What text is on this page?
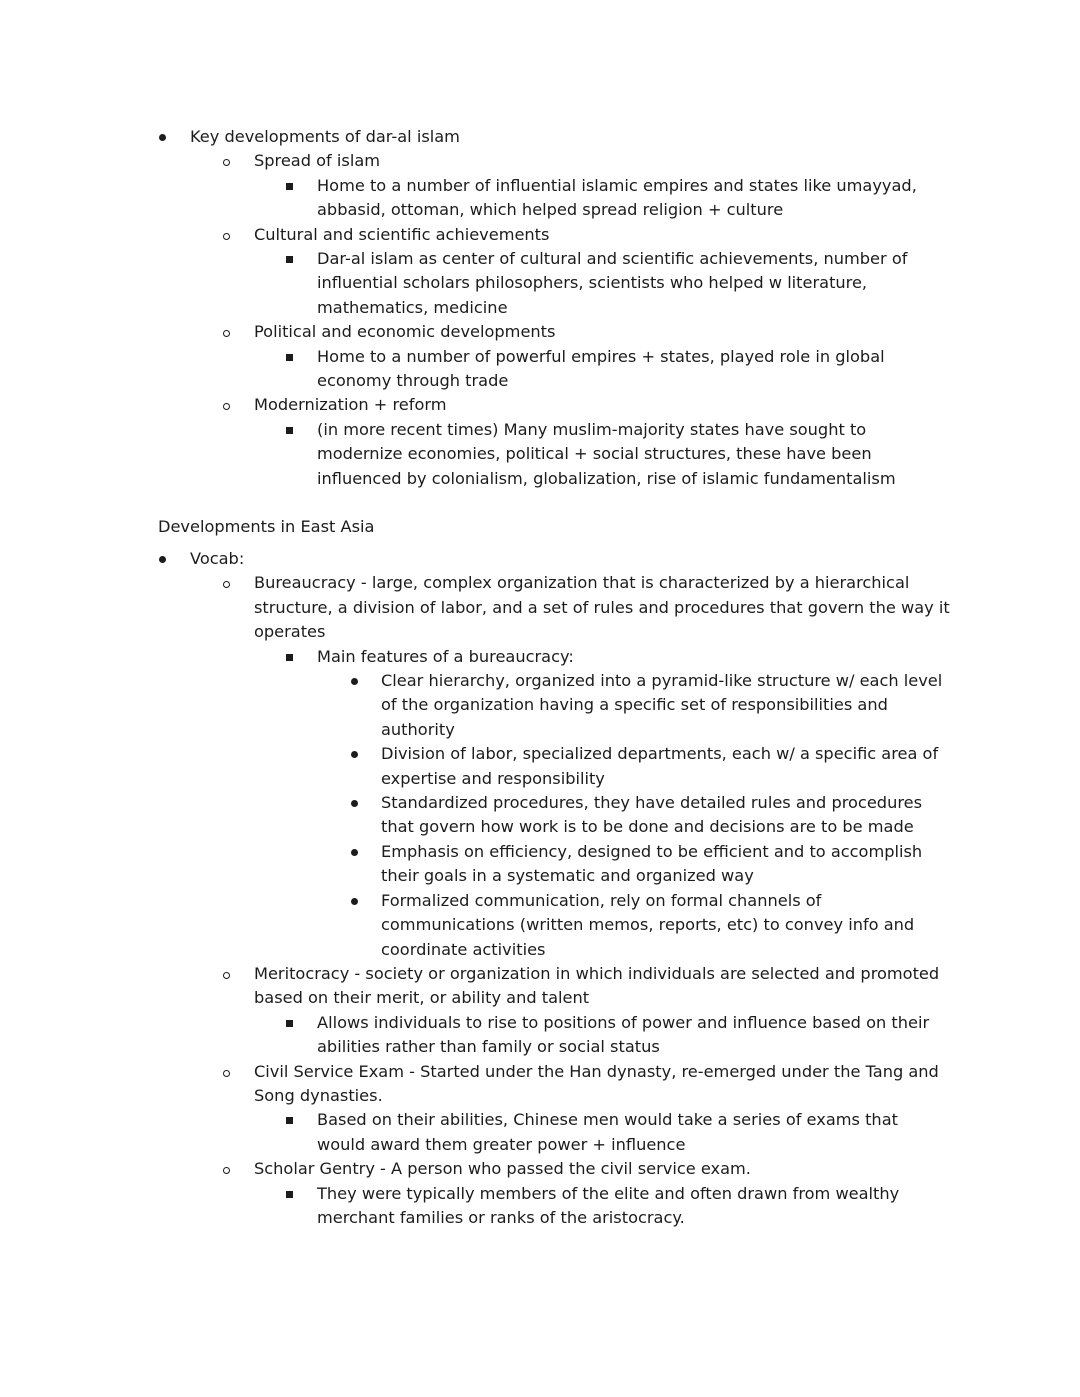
Key developments of dar-al islam
Spread of islam
Home to a number of influential islamic empires and states like umayyad, abbasid, ottoman, which helped spread religion + culture
Cultural and scientific achievements
Dar-al islam as center of cultural and scientific achievements, number of influential scholars philosophers, scientists who helped w literature, mathematics, medicine
Political and economic developments
Home to a number of powerful empires + states, played role in global economy through trade
Modernization + reform
(in more recent times) Many muslim-majority states have sought to modernize economies, political + social structures, these have been influenced by colonialism, globalization, rise of islamic fundamentalism
Developments in East Asia
Vocab:
Bureaucracy - large, complex organization that is characterized by a hierarchical structure, a division of labor, and a set of rules and procedures that govern the way it operates
Main features of a bureaucracy:
Clear hierarchy, organized into a pyramid-like structure w/ each level of the organization having a specific set of responsibilities and authority
Division of labor, specialized departments, each w/ a specific area of expertise and responsibility
Standardized procedures, they have detailed rules and procedures that govern how work is to be done and decisions are to be made
Emphasis on efficiency, designed to be efficient and to accomplish their goals in a systematic and organized way
Formalized communication, rely on formal channels of communications (written memos, reports, etc) to convey info and coordinate activities
Meritocracy - society or organization in which individuals are selected and promoted based on their merit, or ability and talent
Allows individuals to rise to positions of power and influence based on their abilities rather than family or social status
Civil Service Exam - Started under the Han dynasty, re-emerged under the Tang and Song dynasties.
Based on their abilities, Chinese men would take a series of exams that would award them greater power + influence
Scholar Gentry - A person who passed the civil service exam.
They were typically members of the elite and often drawn from wealthy merchant families or ranks of the aristocracy.
